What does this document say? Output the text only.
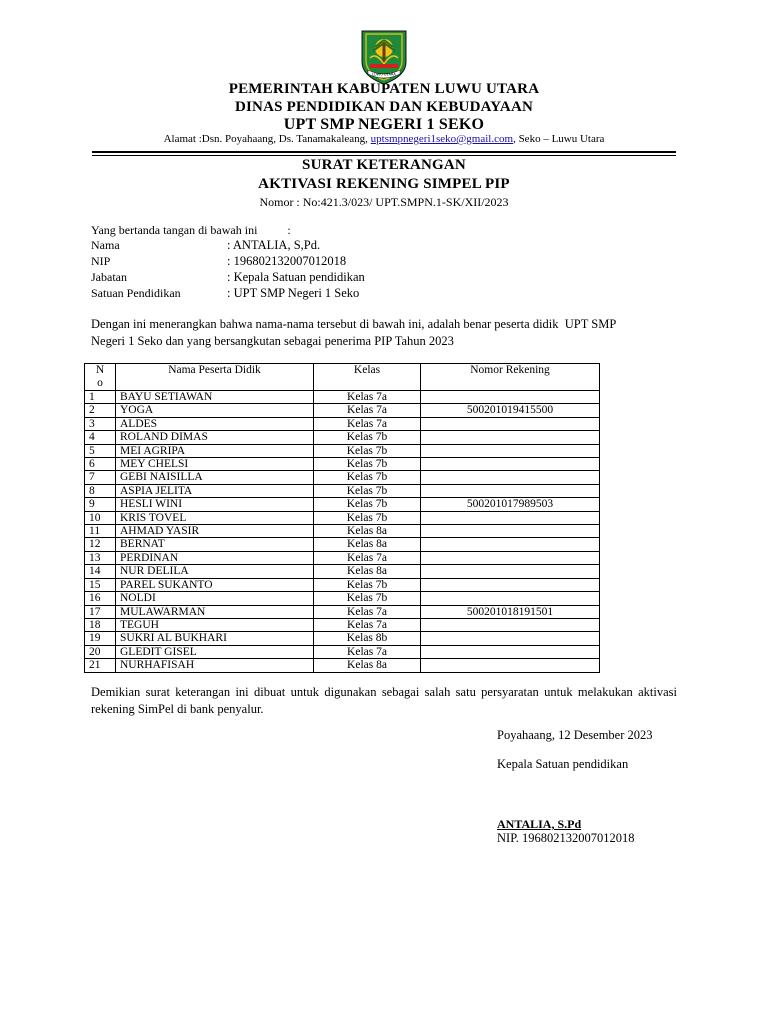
LUWU UTARA
PEMERINTAH KABUPATEN LUWU UTARA
DINAS PENDIDIKAN DAN KEBUDAYAAN
UPT SMP NEGERI 1 SEKO
Alamat :Dsn. Poyahaang, Ds. Tanamakaleang, uptsmpnegeri1seko@gmail.com, Seko – Luwu Utara
SURAT KETERANGAN
AKTIVASI REKENING SIMPEL PIP
Nomor : No:421.3/023/ UPT.SMPN.1-SK/XII/2023
Yang bertanda tangan di bawah ini          :
Nama	: ANTALIA, S,Pd.
NIP	: 196802132007012018
Jabatan	: Kepala Satuan pendidikan
Satuan Pendidikan	: UPT SMP Negeri 1 Seko
Dengan ini menerangkan bahwa nama-nama tersebut di bawah ini, adalah benar peserta didik  UPT SMP
Negeri 1 Seko dan yang bersangkutan sebagai penerima PIP Tahun 2023
N
o	Nama Peserta Didik	Kelas	Nomor Rekening
1	BAYU SETIAWAN	Kelas 7a	
2	YOGA	Kelas 7a	500201019415500
3	ALDES	Kelas 7a	
4	ROLAND DIMAS	Kelas 7b	
5	MEI AGRIPA	Kelas 7b	
6	MEY CHELSI	Kelas 7b	
7	GEBI NAISILLA	Kelas 7b	
8	ASPIA JELITA	Kelas 7b	
9	HESLI WINI	Kelas 7b	500201017989503
10	KRIS TOVEL	Kelas 7b	
11	AHMAD YASIR	Kelas 8a	
12	BERNAT	Kelas 8a	
13	PERDINAN	Kelas 7a	
14	NUR DELILA	Kelas 8a	
15	PAREL SUKANTO	Kelas 7b	
16	NOLDI	Kelas 7b	
17	MULAWARMAN	Kelas 7a	500201018191501
18	TEGUH	Kelas 7a	
19	SUKRI AL BUKHARI	Kelas 8b	
20	GLEDIT GISEL	Kelas 7a	
21	NURHAFISAH	Kelas 8a	
Demikian surat keterangan ini dibuat untuk digunakan sebagai salah satu persyaratan untuk melakukan aktivasi rekening SimPel di bank penyalur.
Poyahaang, 12 Desember 2023
Kepala Satuan pendidikan
ANTALIA, S.Pd
NIP. 196802132007012018
